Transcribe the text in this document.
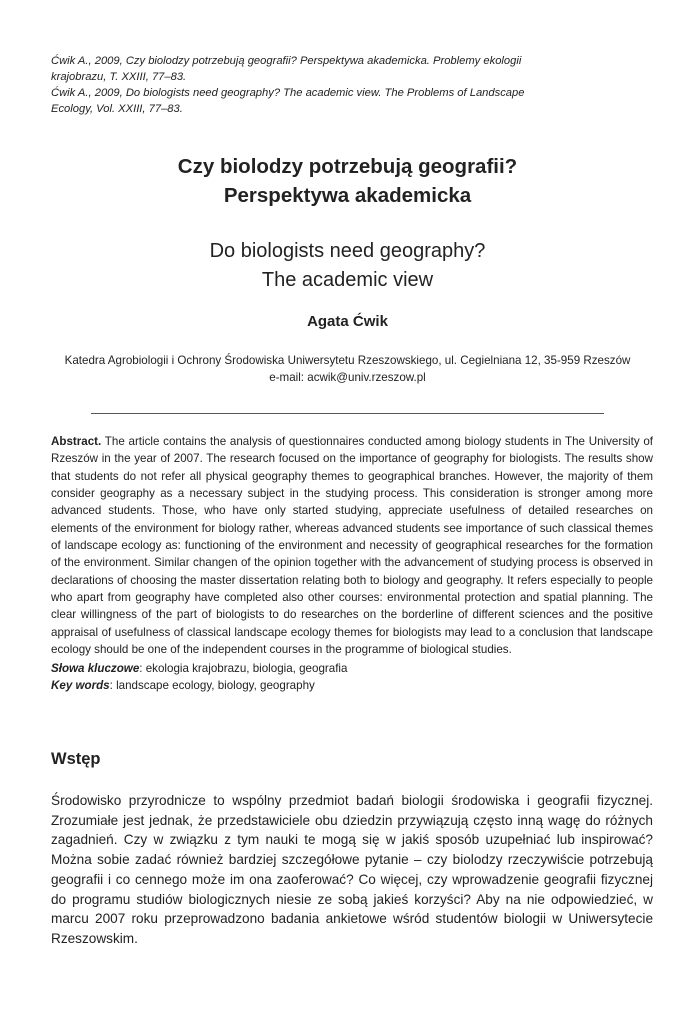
Ćwik A., 2009, Czy biolodzy potrzebują geografii? Perspektywa akademicka. Problemy ekologii
krajobrazu, T. XXIII, 77–83.
Ćwik A., 2009, Do biologists need geography? The academic view. The Problems of Landscape
Ecology, Vol. XXIII, 77–83.
Czy biolodzy potrzebują geografii?
Perspektywa akademicka
Do biologists need geography?
The academic view
Agata Ćwik
Katedra Agrobiologii i Ochrony Środowiska Uniwersytetu Rzeszowskiego, ul. Cegielniana 12, 35-959 Rzeszów
e-mail: acwik@univ.rzeszow.pl
Abstract. The article contains the analysis of questionnaires conducted among biology students in The University of Rzeszów in the year of 2007. The research focused on the importance of geography for biologists. The results show that students do not refer all physical geography themes to geographical branches. However, the majority of them consider geography as a necessary subject in the studying process. This consideration is stronger among more advanced students. Those, who have only started studying, appreciate usefulness of detailed researches on elements of the environment for biology rather, whereas advanced students see importance of such classical themes of landscape ecology as: functioning of the environment and necessity of geographical researches for the formation of the environment. Similar changen of the opinion together with the advancement of studying process is observed in declarations of choosing the master dissertation relating both to biology and geography. It refers especially to people who apart from geography have completed also other courses: environmental protection and spatial planning. The clear willingness of the part of biologists to do researches on the borderline of different sciences and the positive appraisal of usefulness of classical landscape ecology themes for biologists may lead to a conclusion that landscape ecology should be one of the independent courses in the programme of biological studies.
Słowa kluczowe: ekologia krajobrazu, biologia, geografia
Key words: landscape ecology, biology, geography
Wstęp
Środowisko przyrodnicze to wspólny przedmiot badań biologii środowiska i geografii fizycznej. Zrozumiałe jest jednak, że przedstawiciele obu dziedzin przywiązują często inną wagę do różnych zagadnień. Czy w związku z tym nauki te mogą się w jakiś sposób uzupełniać lub inspirować? Można sobie zadać również bardziej szczegółowe pytanie – czy biolodzy rzeczywiście potrzebują geografii i co cennego może im ona zaoferować? Co więcej, czy wprowadzenie geografii fizycznej do programu studiów biologicznych niesie ze sobą jakieś korzyści? Aby na nie odpowiedzieć, w marcu 2007 roku przeprowadzono badania ankietowe wśród studentów biologii w Uniwersytecie Rzeszowskim.
